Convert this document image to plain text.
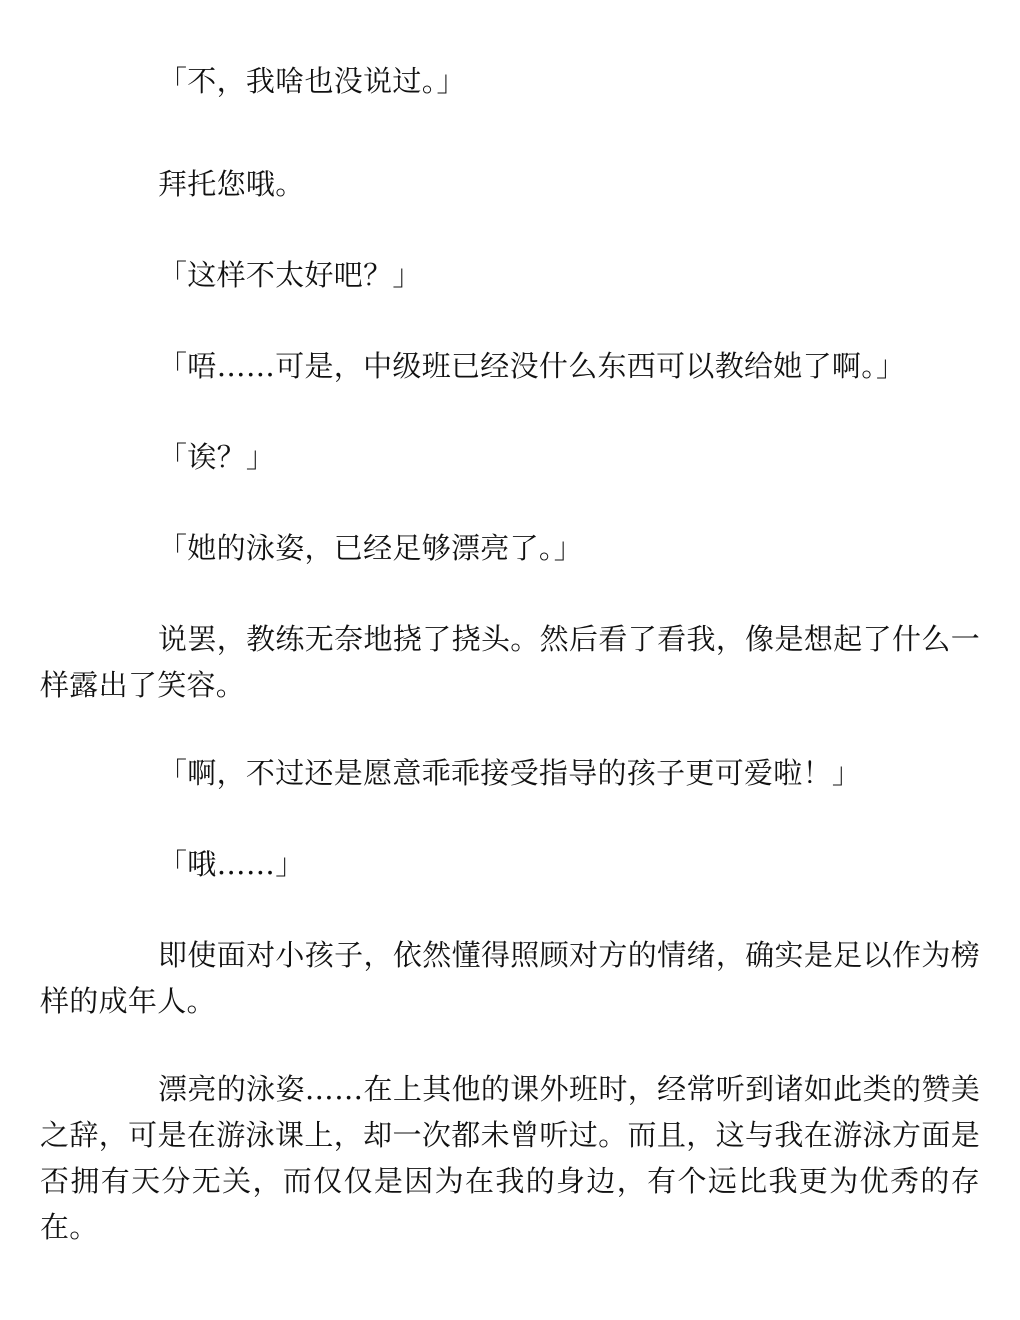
「不，我啥也没说过。」

拜托您哦。

「这样不太好吧？」

「唔……可是，中级班已经没什么东西可以教给她了啊。」

「诶？」

「她的泳姿，已经足够漂亮了。」

说罢，教练无奈地挠了挠头。然后看了看我，像是想起了什么一样露出了笑容。

「啊，不过还是愿意乖乖接受指导的孩子更可爱啦！」

「哦……」

即使面对小孩子，依然懂得照顾对方的情绪，确实是足以作为榜样的成年人。

漂亮的泳姿……在上其他的课外班时，经常听到诸如此类的赞美之辞，可是在游泳课上，却一次都未曾听过。而且，这与我在游泳方面是否拥有天分无关，而仅仅是因为在我的身边，有个远比我更为优秀的存在。
